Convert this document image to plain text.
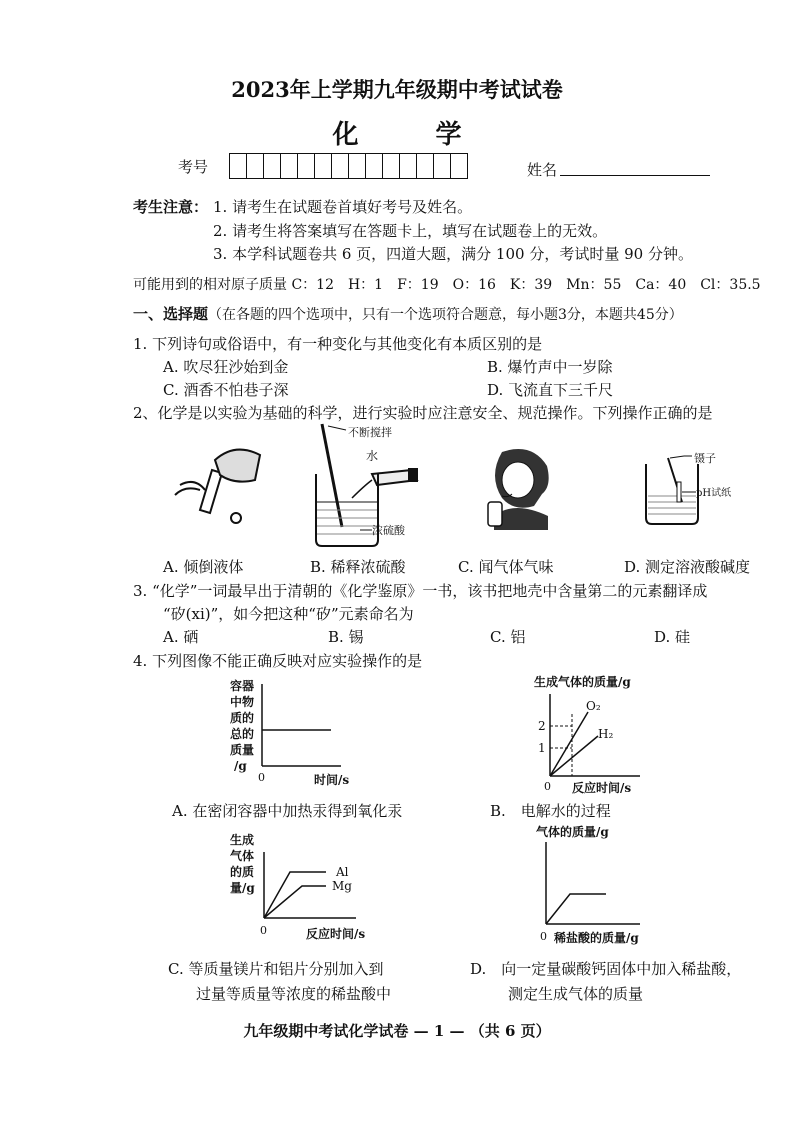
2023年上学期九年级期中考试试卷
化 学
考号	姓名
考生注意： 1. 请考生在试题卷首填好考号及姓名。
2. 请考生将答案填写在答题卡上，填写在试题卷上的无效。
3. 本学科试题卷共 6 页，四道大题，满分 100 分，考试时量 90 分钟。
可能用到的相对原子质量 C：12　H：1　F：19　O：16　K：39　Mn：55　Ca：40　Cl：35.5
一、选择题（在各题的四个选项中，只有一个选项符合题意，每小题3分，本题共45分）
1. 下列诗句或俗语中，有一种变化与其他变化有本质区别的是
A. 吹尽狂沙始到金	B. 爆竹声中一岁除
C. 酒香不怕巷子深	D. 飞流直下三千尺
2、化学是以实验为基础的科学，进行实验时应注意安全、规范操作。下列操作正确的是
不断搅拌
水
浓硫酸
镊子
pH试纸
A. 倾倒液体	B. 稀释浓硫酸	C. 闻气体气味	D. 测定溶液酸碱度
3. “化学”一词最早出于清朝的《化学鉴原》一书，该书把地壳中含量第二的元素翻译成
“矽(xi)”，如今把这种“矽”元素命名为
A. 硒	B. 锡	C. 铝	D. 硅
4. 下列图像不能正确反映对应实验操作的是
容器
中物
质的
总的
质量
/g
0	时间/s
生成气体的质量/g
2
1
O₂
H₂
0 反应时间/s
A. 在密闭容器中加热汞得到氧化汞	B.　电解水的过程
生成
气体
的质
量/g
Al
Mg
0	反应时间/s
气体的质量/g
0 稀盐酸的质量/g
C. 等质量镁片和铝片分别加入到
过量等质量等浓度的稀盐酸中
D.　向一定量碳酸钙固体中加入稀盐酸，
测定生成气体的质量
九年级期中考试化学试卷 — 1 — （共 6 页）
